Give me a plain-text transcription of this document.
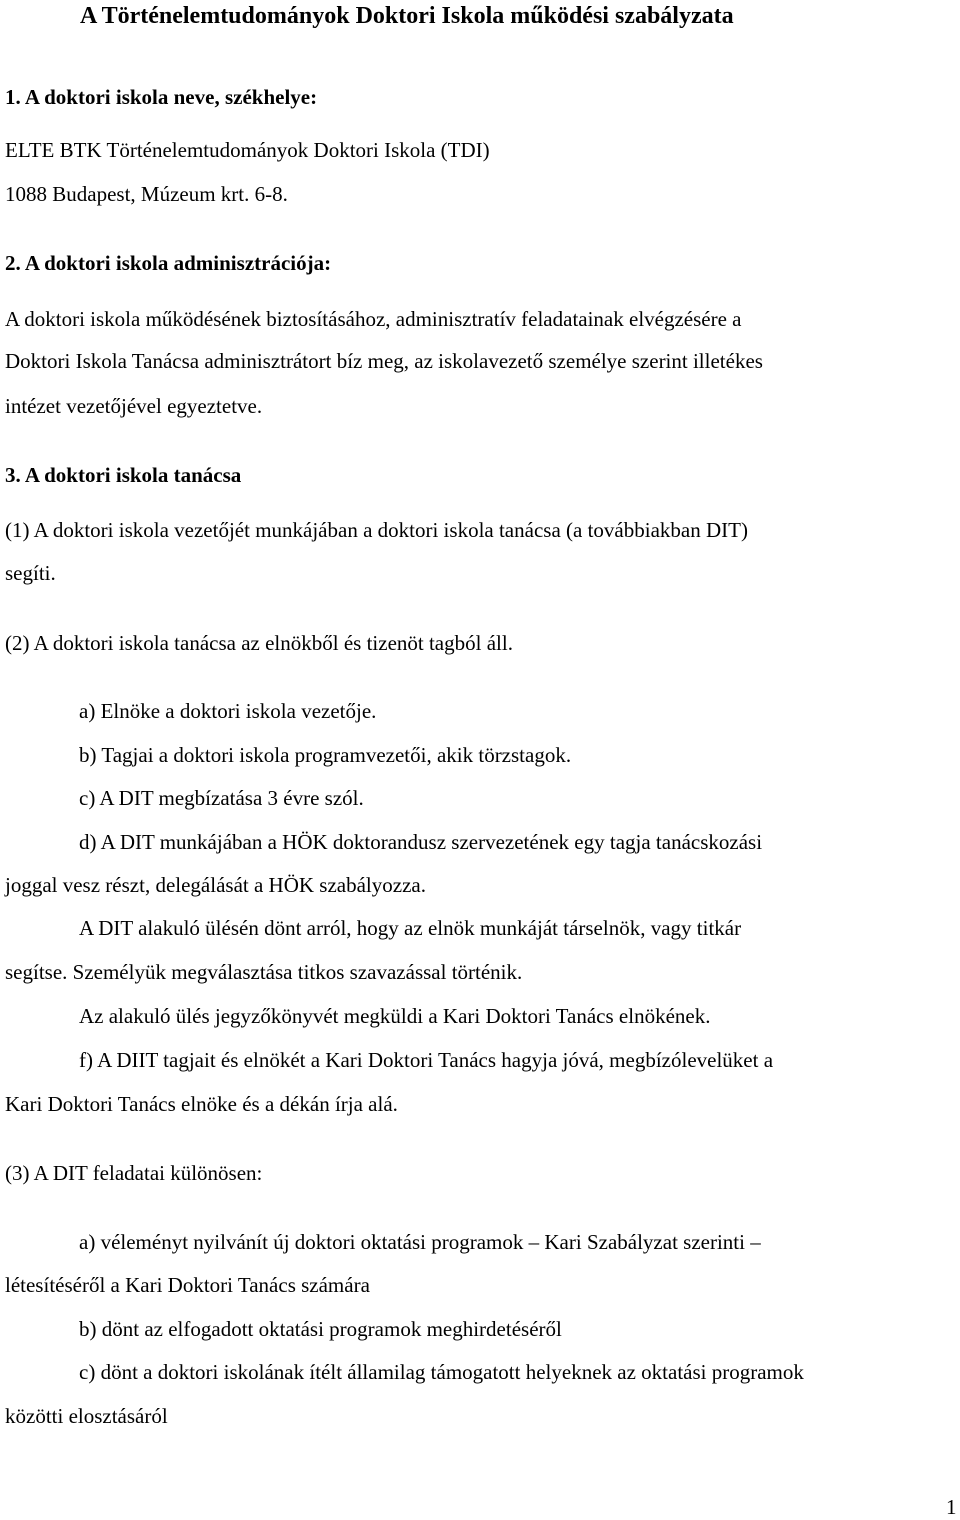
A Történelemtudományok Doktori Iskola működési szabályzata
1. A doktori iskola neve, székhelye:
ELTE BTK Történelemtudományok Doktori Iskola (TDI)
1088 Budapest, Múzeum krt. 6-8.
2. A doktori iskola adminisztrációja:
A doktori iskola működésének biztosításához, adminisztratív feladatainak elvégzésére a
Doktori Iskola Tanácsa adminisztrátort bíz meg, az iskolavezető személye szerint illetékes
intézet vezetőjével egyeztetve.
3. A doktori iskola tanácsa
(1) A doktori iskola vezetőjét munkájában a doktori iskola tanácsa (a továbbiakban DIT)
segíti.
(2) A doktori iskola tanácsa az elnökből és tizenöt tagból áll.
a) Elnöke a doktori iskola vezetője.
b) Tagjai a doktori iskola programvezetői, akik törzstagok.
c) A DIT megbízatása 3 évre szól.
d) A DIT munkájában a HÖK doktorandusz szervezetének egy tagja tanácskozási
joggal vesz részt, delegálását a HÖK szabályozza.
A DIT alakuló ülésén dönt arról, hogy az elnök munkáját társelnök, vagy titkár
segítse. Személyük megválasztása titkos szavazással történik.
Az alakuló ülés jegyzőkönyvét megküldi a Kari Doktori Tanács elnökének.
f) A DIIT tagjait és elnökét a Kari Doktori Tanács hagyja jóvá, megbízólevelüket a
Kari Doktori Tanács elnöke és a dékán írja alá.
(3) A DIT feladatai különösen:
a) véleményt nyilvánít új doktori oktatási programok – Kari Szabályzat szerinti –
létesítéséről a Kari Doktori Tanács számára
b) dönt az elfogadott oktatási programok meghirdetéséről
c) dönt a doktori iskolának ítélt államilag támogatott helyeknek az oktatási programok
közötti elosztásáról
1
